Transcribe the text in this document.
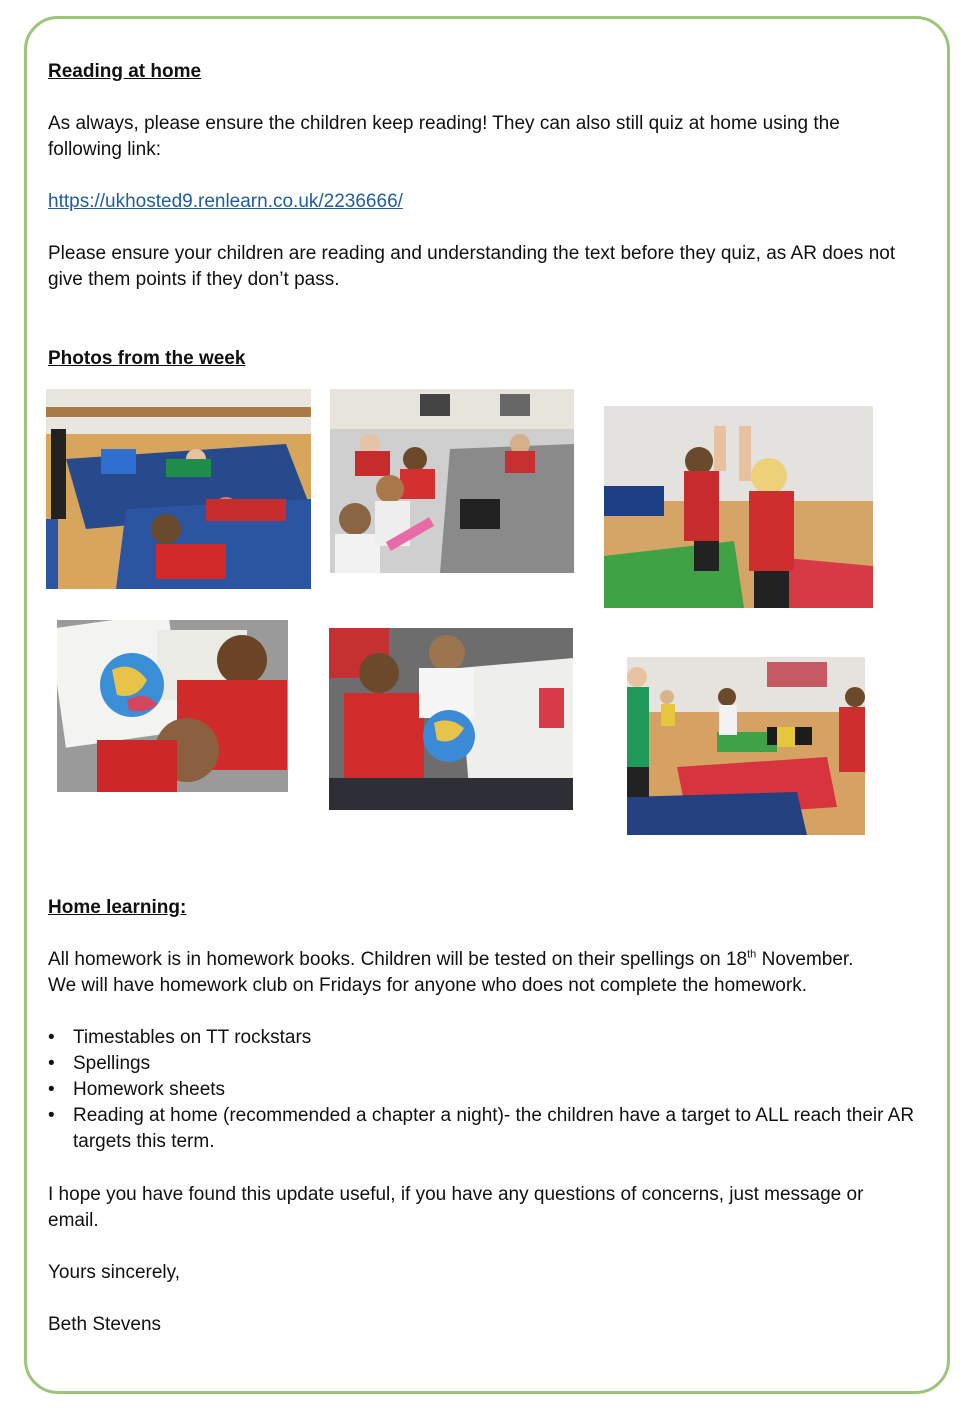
Reading at home

As always, please ensure the children keep reading! They can also still quiz at home using the following link:

https://ukhosted9.renlearn.co.uk/2236666/

Please ensure your children are reading and understanding the text before they quiz, as AR does not give them points if they don’t pass.

Photos from the week

Home learning:

All homework is in homework books. Children will be tested on their spellings on 18th November.
We will have homework club on Fridays for anyone who does not complete the homework.

• Timestables on TT rockstars
• Spellings
• Homework sheets
• Reading at home (recommended a chapter a night)- the children have a target to ALL reach their AR targets this term.

I hope you have found this update useful, if you have any questions of concerns, just message or email.

Yours sincerely,

Beth Stevens
